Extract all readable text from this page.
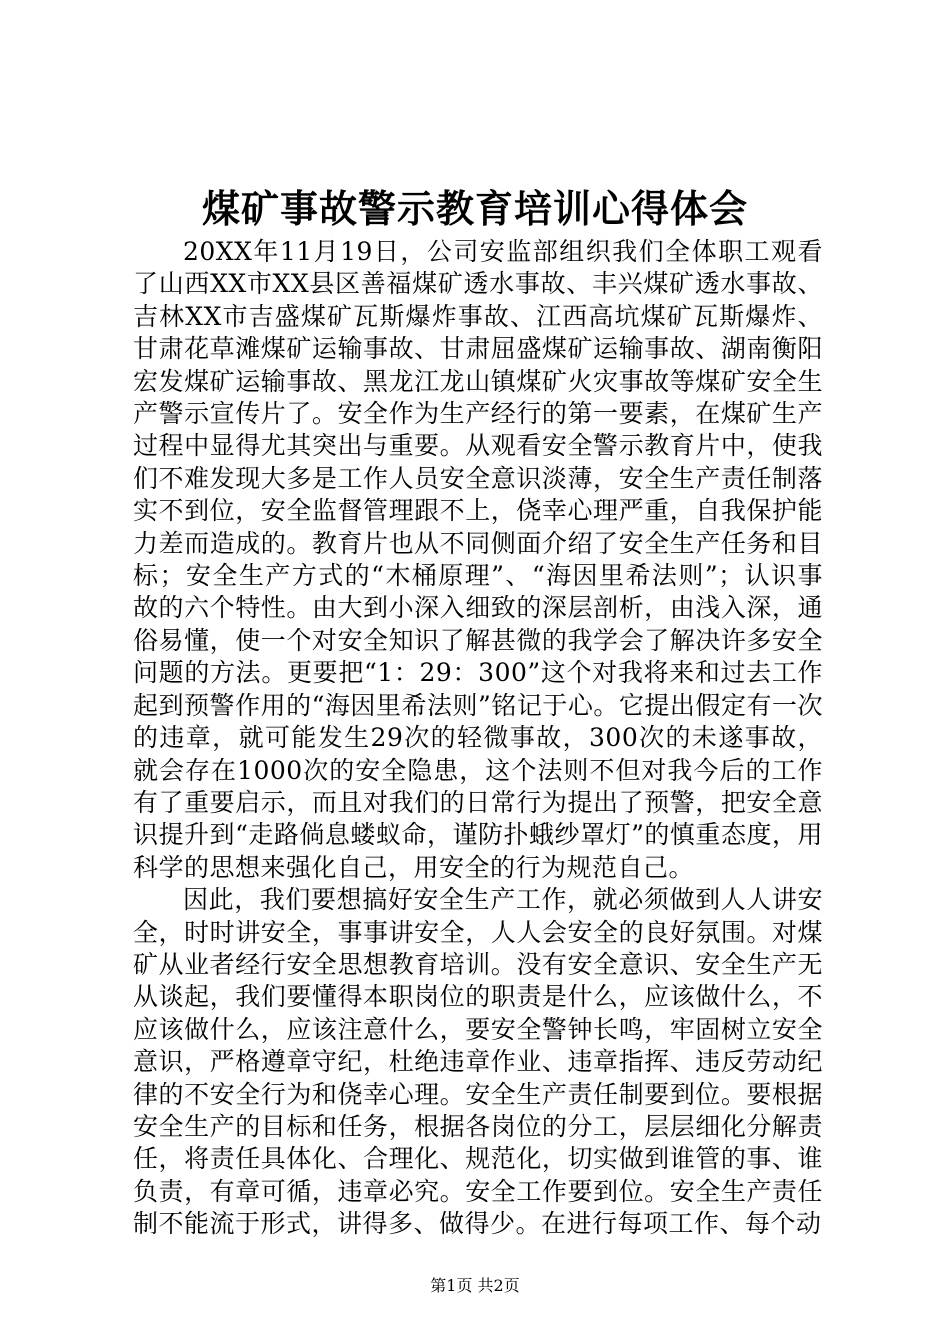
煤矿事故警示教育培训心得体会

20XX年11月19日，公司安监部组织我们全体职工观看了山西XX市XX县区善福煤矿透水事故、丰兴煤矿透水事故、吉林XX市吉盛煤矿瓦斯爆炸事故、江西高坑煤矿瓦斯爆炸、甘肃花草滩煤矿运输事故、甘肃屈盛煤矿运输事故、湖南衡阳宏发煤矿运输事故、黑龙江龙山镇煤矿火灾事故等煤矿安全生产警示宣传片了。安全作为生产经行的第一要素，在煤矿生产过程中显得尤其突出与重要。从观看安全警示教育片中，使我们不难发现大多是工作人员安全意识淡薄，安全生产责任制落实不到位，安全监督管理跟不上，侥幸心理严重，自我保护能力差而造成的。教育片也从不同侧面介绍了安全生产任务和目标；安全生产方式的“木桶原理”、“海因里希法则”；认识事故的六个特性。由大到小深入细致的深层剖析，由浅入深，通俗易懂，使一个对安全知识了解甚微的我学会了解决许多安全问题的方法。更要把“1：29：300”这个对我将来和过去工作起到预警作用的“海因里希法则”铭记于心。它提出假定有一次的违章，就可能发生29次的轻微事故，300次的未遂事故，就会存在1000次的安全隐患，这个法则不但对我今后的工作有了重要启示，而且对我们的日常行为提出了预警，把安全意识提升到“走路倘息蝼蚁命，谨防扑蛾纱罩灯”的慎重态度，用科学的思想来强化自己，用安全的行为规范自己。

因此，我们要想搞好安全生产工作，就必须做到人人讲安全，时时讲安全，事事讲安全，人人会安全的良好氛围。对煤矿从业者经行安全思想教育培训。没有安全意识、安全生产无从谈起，我们要懂得本职岗位的职责是什么，应该做什么，不应该做什么，应该注意什么，要安全警钟长鸣，牢固树立安全意识，严格遵章守纪，杜绝违章作业、违章指挥、违反劳动纪律的不安全行为和侥幸心理。安全生产责任制要到位。要根据安全生产的目标和任务，根据各岗位的分工，层层细化分解责任，将责任具体化、合理化、规范化，切实做到谁管的事、谁负责，有章可循，违章必究。安全工作要到位。安全生产责任制不能流于形式，讲得多、做得少。在进行每项工作、每个动

第1页 共2页
